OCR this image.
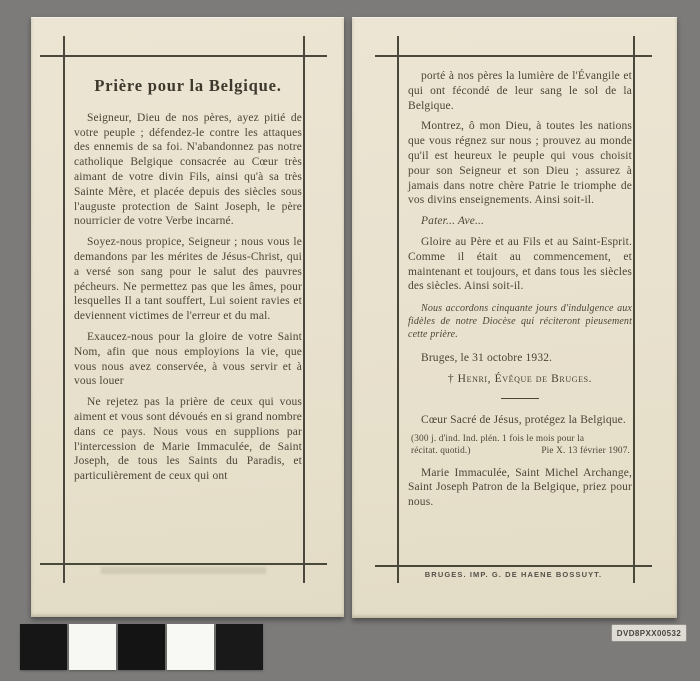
Prière pour la Belgique.

Seigneur, Dieu de nos pères, ayez pitié de votre peuple ; défendez-le contre les attaques des ennemis de sa foi. N'abandonnez pas notre catholique Belgique consacrée au Cœur très aimant de votre divin Fils, ainsi qu'à sa très Sainte Mère, et placée depuis des siècles sous l'auguste protection de Saint Joseph, le père nourricier de votre Verbe incarné.

Soyez-nous propice, Seigneur ; nous vous le demandons par les mérites de Jésus-Christ, qui a versé son sang pour le salut des pauvres pécheurs. Ne permettez pas que les âmes, pour lesquelles Il a tant souffert, Lui soient ravies et deviennent victimes de l'erreur et du mal.

Exaucez-nous pour la gloire de votre Saint Nom, afin que nous employions la vie, que vous nous avez conservée, à vous servir et à vous louer

Ne rejetez pas la prière de ceux qui vous aiment et vous sont dévoués en si grand nombre dans ce pays. Nous vous en supplions par l'intercession de Marie Immaculée, de Saint Joseph, de tous les Saints du Paradis, et particulièrement de ceux qui ont

porté à nos pères la lumière de l'Évangile et qui ont fécondé de leur sang le sol de la Belgique.

Montrez, ô mon Dieu, à toutes les nations que vous régnez sur nous ; prouvez au monde qu'il est heureux le peuple qui vous choisit pour son Seigneur et son Dieu ; assurez à jamais dans notre chère Patrie le triomphe de vos divins enseignements. Ainsi soit-il.

Pater... Ave...

Gloire au Père et au Fils et au Saint-Esprit. Comme il était au commencement, et maintenant et toujours, et dans tous les siècles des siècles. Ainsi soit-il.

Nous accordons cinquante jours d'indulgence aux fidèles de notre Diocèse qui réciteront pieusement cette prière.

Bruges, le 31 octobre 1932.

† Henri, Évêque de Bruges.

Cœur Sacré de Jésus, protégez la Belgique.

(300 j. d'ind. Ind. plén. 1 fois le mois pour la récitat. quotid.)	Pie X. 13 février 1907.

Marie Immaculée, Saint Michel Archange, Saint Joseph Patron de la Belgique, priez pour nous.

BRUGES. IMP. G. DE HAENE BOSSUYT.
DVD8PXX00532
